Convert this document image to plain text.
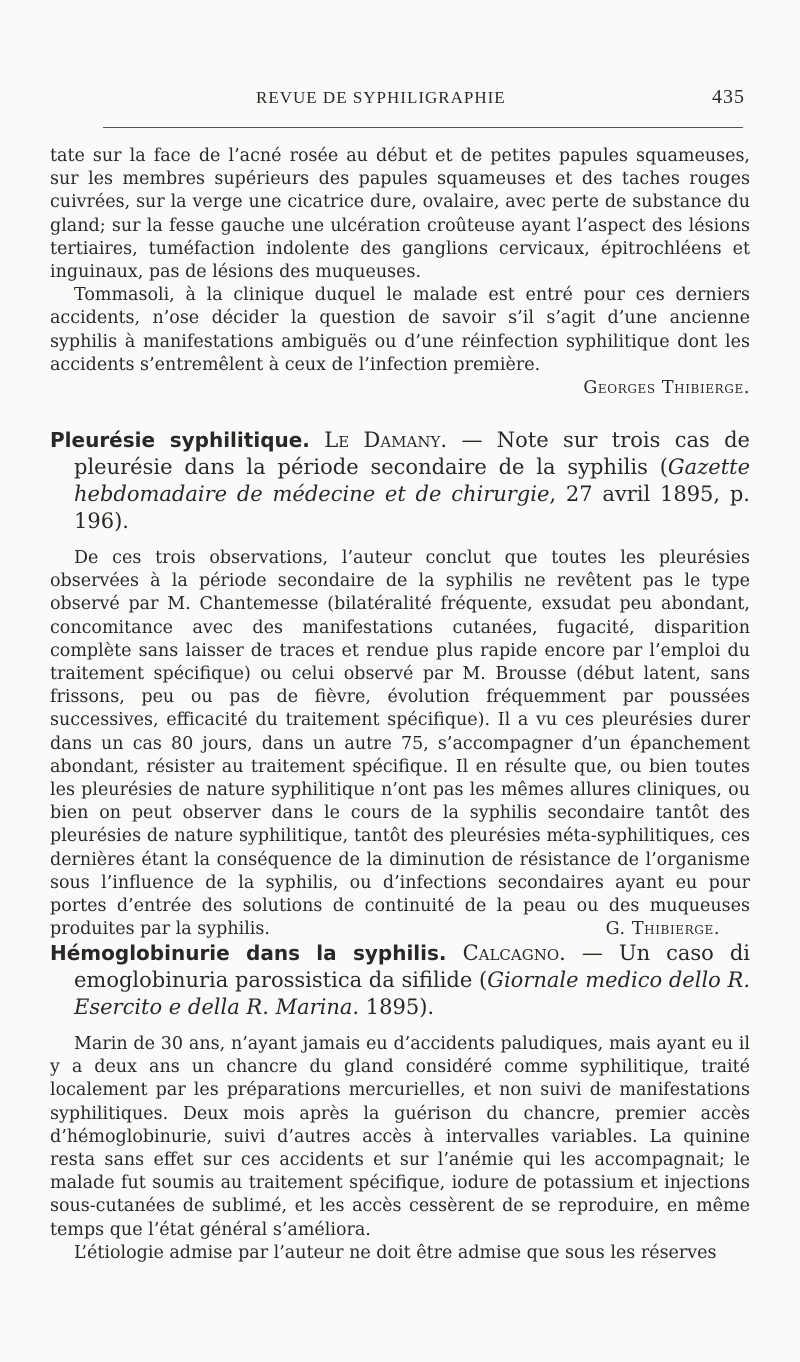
REVUE DE SYPHILIGRAPHIE	435

tate sur la face de l’acné rosée au début et de petites papules squameuses, sur les membres supérieurs des papules squameuses et des taches rouges cuivrées, sur la verge une cicatrice dure, ovalaire, avec perte de substance du gland; sur la fesse gauche une ulcération croûteuse ayant l’aspect des lésions tertiaires, tuméfaction indolente des ganglions cervicaux, épitrochléens et inguinaux, pas de lésions des muqueuses.

Tommasoli, à la clinique duquel le malade est entré pour ces derniers accidents, n’ose décider la question de savoir s’il s’agit d’une ancienne syphilis à manifestations ambiguës ou d’une réinfection syphilitique dont les accidents s’entremêlent à ceux de l’infection première.

Georges Thibierge.

Pleurésie syphilitique. Le Damany. — Note sur trois cas de pleurésie dans la période secondaire de la syphilis (Gazette hebdomadaire de médecine et de chirurgie, 27 avril 1895, p. 196).

De ces trois observations, l’auteur conclut que toutes les pleurésies observées à la période secondaire de la syphilis ne revêtent pas le type observé par M. Chantemesse (bilatéralité fréquente, exsudat peu abondant, concomitance avec des manifestations cutanées, fugacité, disparition complète sans laisser de traces et rendue plus rapide encore par l’emploi du traitement spécifique) ou celui observé par M. Brousse (début latent, sans frissons, peu ou pas de fièvre, évolution fréquemment par poussées successives, efficacité du traitement spécifique). Il a vu ces pleurésies durer dans un cas 80 jours, dans un autre 75, s’accompagner d’un épanchement abondant, résister au traitement spécifique. Il en résulte que, ou bien toutes les pleurésies de nature syphilitique n’ont pas les mêmes allures cliniques, ou bien on peut observer dans le cours de la syphilis secondaire tantôt des pleurésies de nature syphilitique, tantôt des pleurésies méta-syphilitiques, ces dernières étant la conséquence de la diminution de résistance de l’organisme sous l’influence de la syphilis, ou d’infections secondaires ayant eu pour portes d’entrée des solutions de continuité de la peau ou des muqueuses produites par la syphilis.	G. Thibierge.

Hémoglobinurie dans la syphilis. Calcagno. — Un caso di emoglobinuria parossistica da sifilide (Giornale medico dello R. Esercito e della R. Marina. 1895).

Marin de 30 ans, n’ayant jamais eu d’accidents paludiques, mais ayant eu il y a deux ans un chancre du gland considéré comme syphilitique, traité localement par les préparations mercurielles, et non suivi de manifestations syphilitiques. Deux mois après la guérison du chancre, premier accès d’hémoglobinurie, suivi d’autres accès à intervalles variables. La quinine resta sans effet sur ces accidents et sur l’anémie qui les accompagnait; le malade fut soumis au traitement spécifique, iodure de potassium et injections sous-cutanées de sublimé, et les accès cessèrent de se reproduire, en même temps que l’état général s’améliora.

L’étiologie admise par l’auteur ne doit être admise que sous les réserves
